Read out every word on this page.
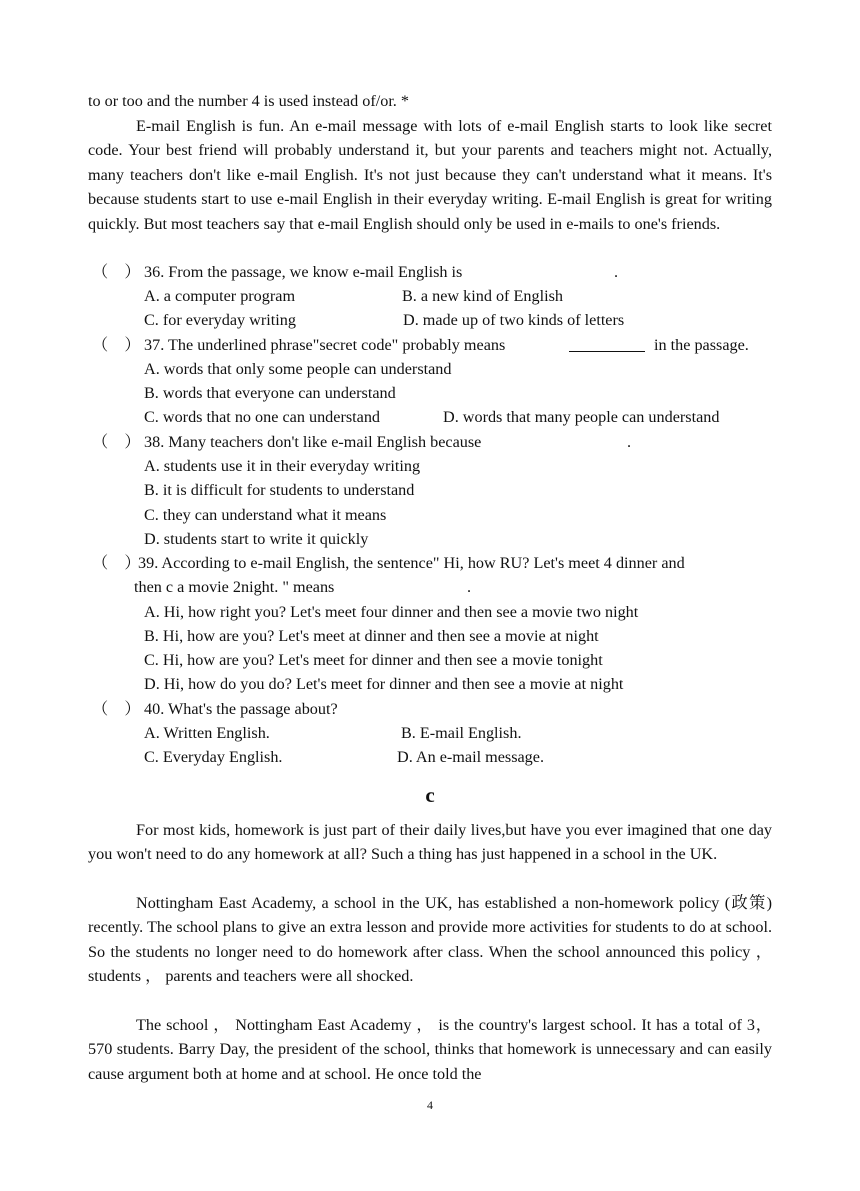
to or too and the number 4 is used instead of/or. *

E-mail English is fun. An e-mail message with lots of e-mail English starts to look like secret code. Your best friend will probably understand it, but your parents and teachers might not. Actually, many teachers don't like e-mail English. It's not just because they can't understand what it means. It's because students start to use e-mail English in their everyday writing. E-mail English is great for writing quickly. But most teachers say that e-mail English should only be used in e-mails to one's friends.

（    ） 36. From the passage, we know e-mail English is	.
A. a computer program	B. a new kind of English
C. for everyday writing	D. made up of two kinds of letters
（    ） 37. The underlined phrase"secret code" probably means	in the passage.
A. words that only some people can understand
B. words that everyone can understand
C. words that no one can understand	D. words that many people can understand
（    ） 38. Many teachers don't like e-mail English because	.
A. students use it in their everyday writing
B. it is difficult for students to understand
C. they can understand what it means
D. students start to write it quickly
（    ）
39. According to e-mail English, the sentence" Hi, how RU? Let's meet 4 dinner and
then c a movie 2night. " means	.
A. Hi, how right you? Let's meet four dinner and then see a movie two night
B. Hi, how are you? Let's meet at dinner and then see a movie at night
C. Hi, how are you? Let's meet for dinner and then see a movie tonight
D. Hi, how do you do? Let's meet for dinner and then see a movie at night
（    ） 40. What's the passage about?
A. Written English.	B. E-mail English.
C. Everyday English.	D. An e-mail message.
c

For most kids, homework is just part of their daily lives,but have you ever imagined that one day you won't need to do any homework at all? Such a thing has just happened in a school in the UK.

Nottingham East Academy, a school in the UK, has established a non-homework policy (政策) recently. The school plans to give an extra lesson and provide more activities for students to do at school. So the students no longer need to do homework after class. When the school announced this policy ， students ， parents and teachers were all shocked.

The school ， Nottingham East Academy ， is the country's largest school. It has a total of 3，570 students. Barry Day, the president of the school, thinks that homework is unnecessary and can easily cause argument both at home and at school. He once told the

4
